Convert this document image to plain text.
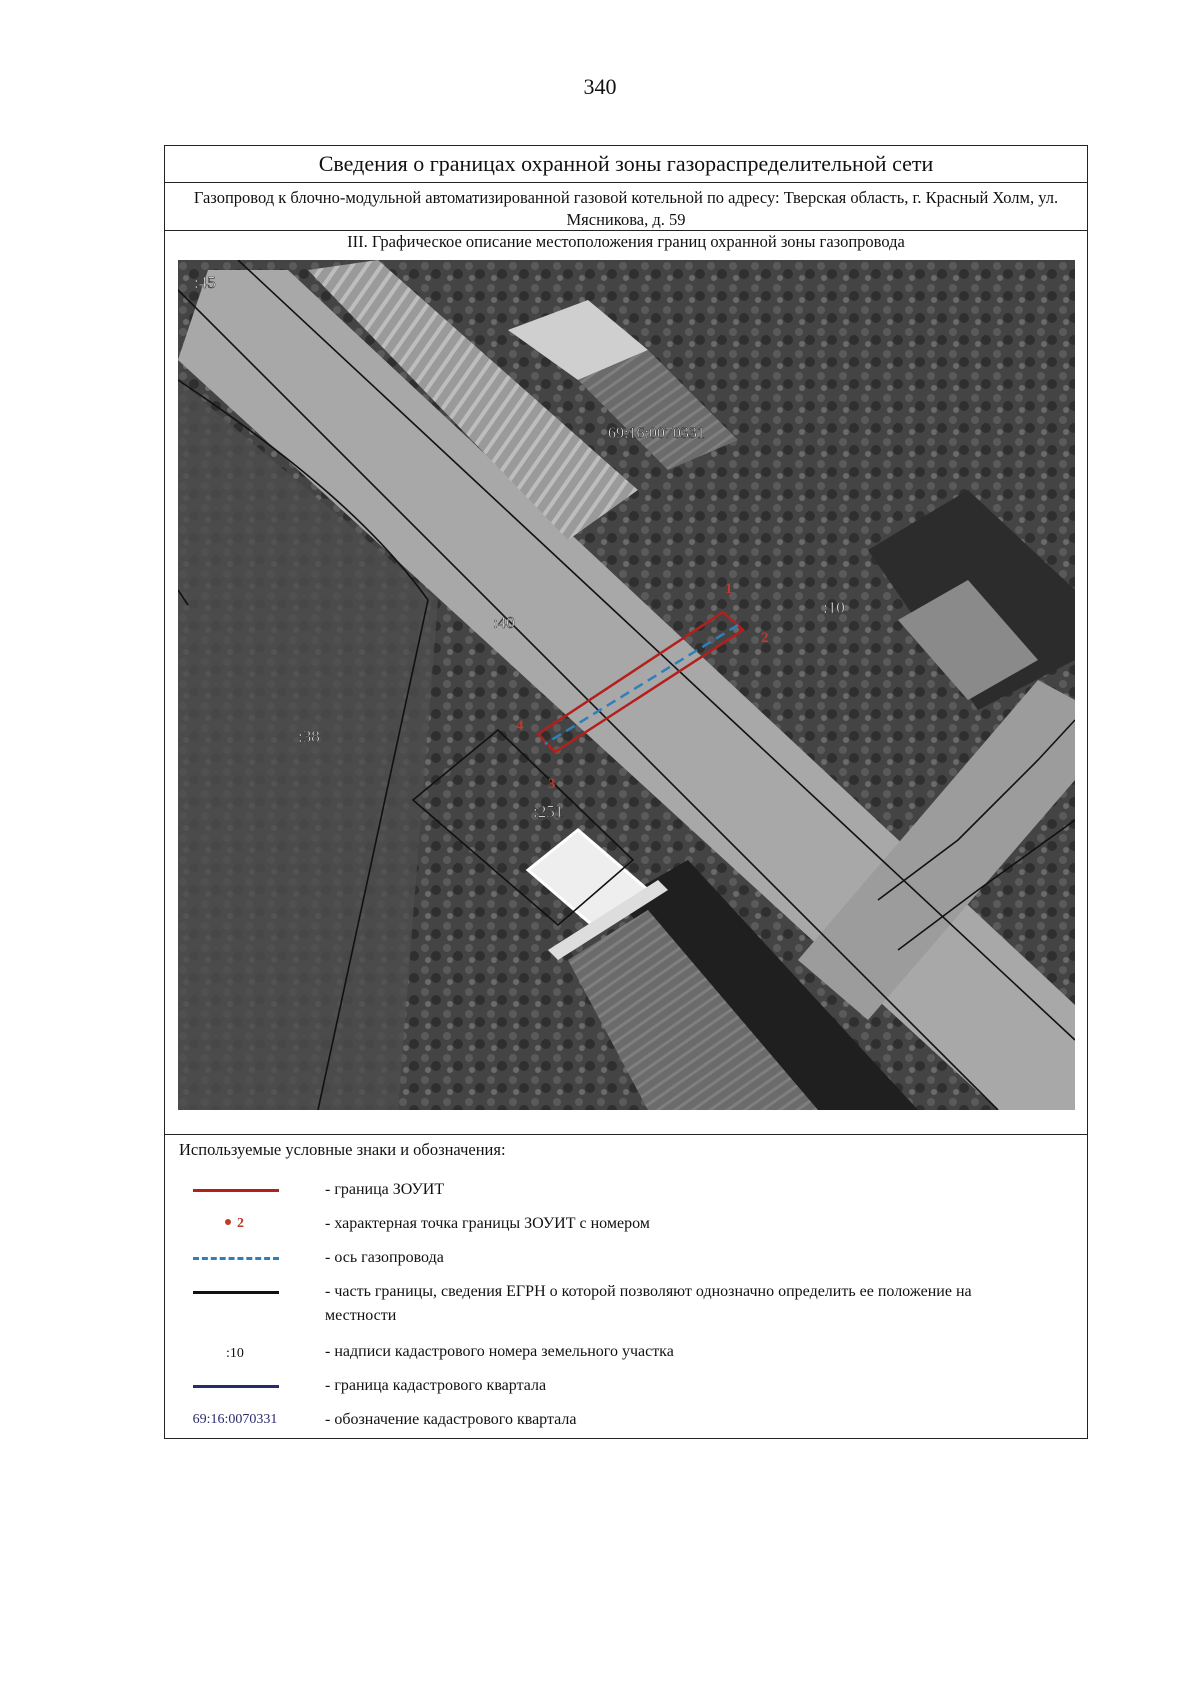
340
Сведения о границах охранной зоны газораспределительной сети
Газопровод к блочно-модульной автоматизированной газовой котельной по адресу: Тверская область, г. Красный Холм, ул. Мясникова, д. 59
III. Графическое описание местоположения границ охранной зоны газопровода
1
2
3
4
:45
:40
:10
:38
:251
69:16:0070331
Используемые условные знаки и обозначения:
- граница ЗОУИТ
2	- характерная точка границы ЗОУИТ с номером
- ось газопровода
- часть границы, сведения ЕГРН о которой позволяют однозначно определить ее положение на местности
:10	- надписи кадастрового номера земельного участка
- граница кадастрового квартала
69:16:0070331	- обозначение кадастрового квартала
